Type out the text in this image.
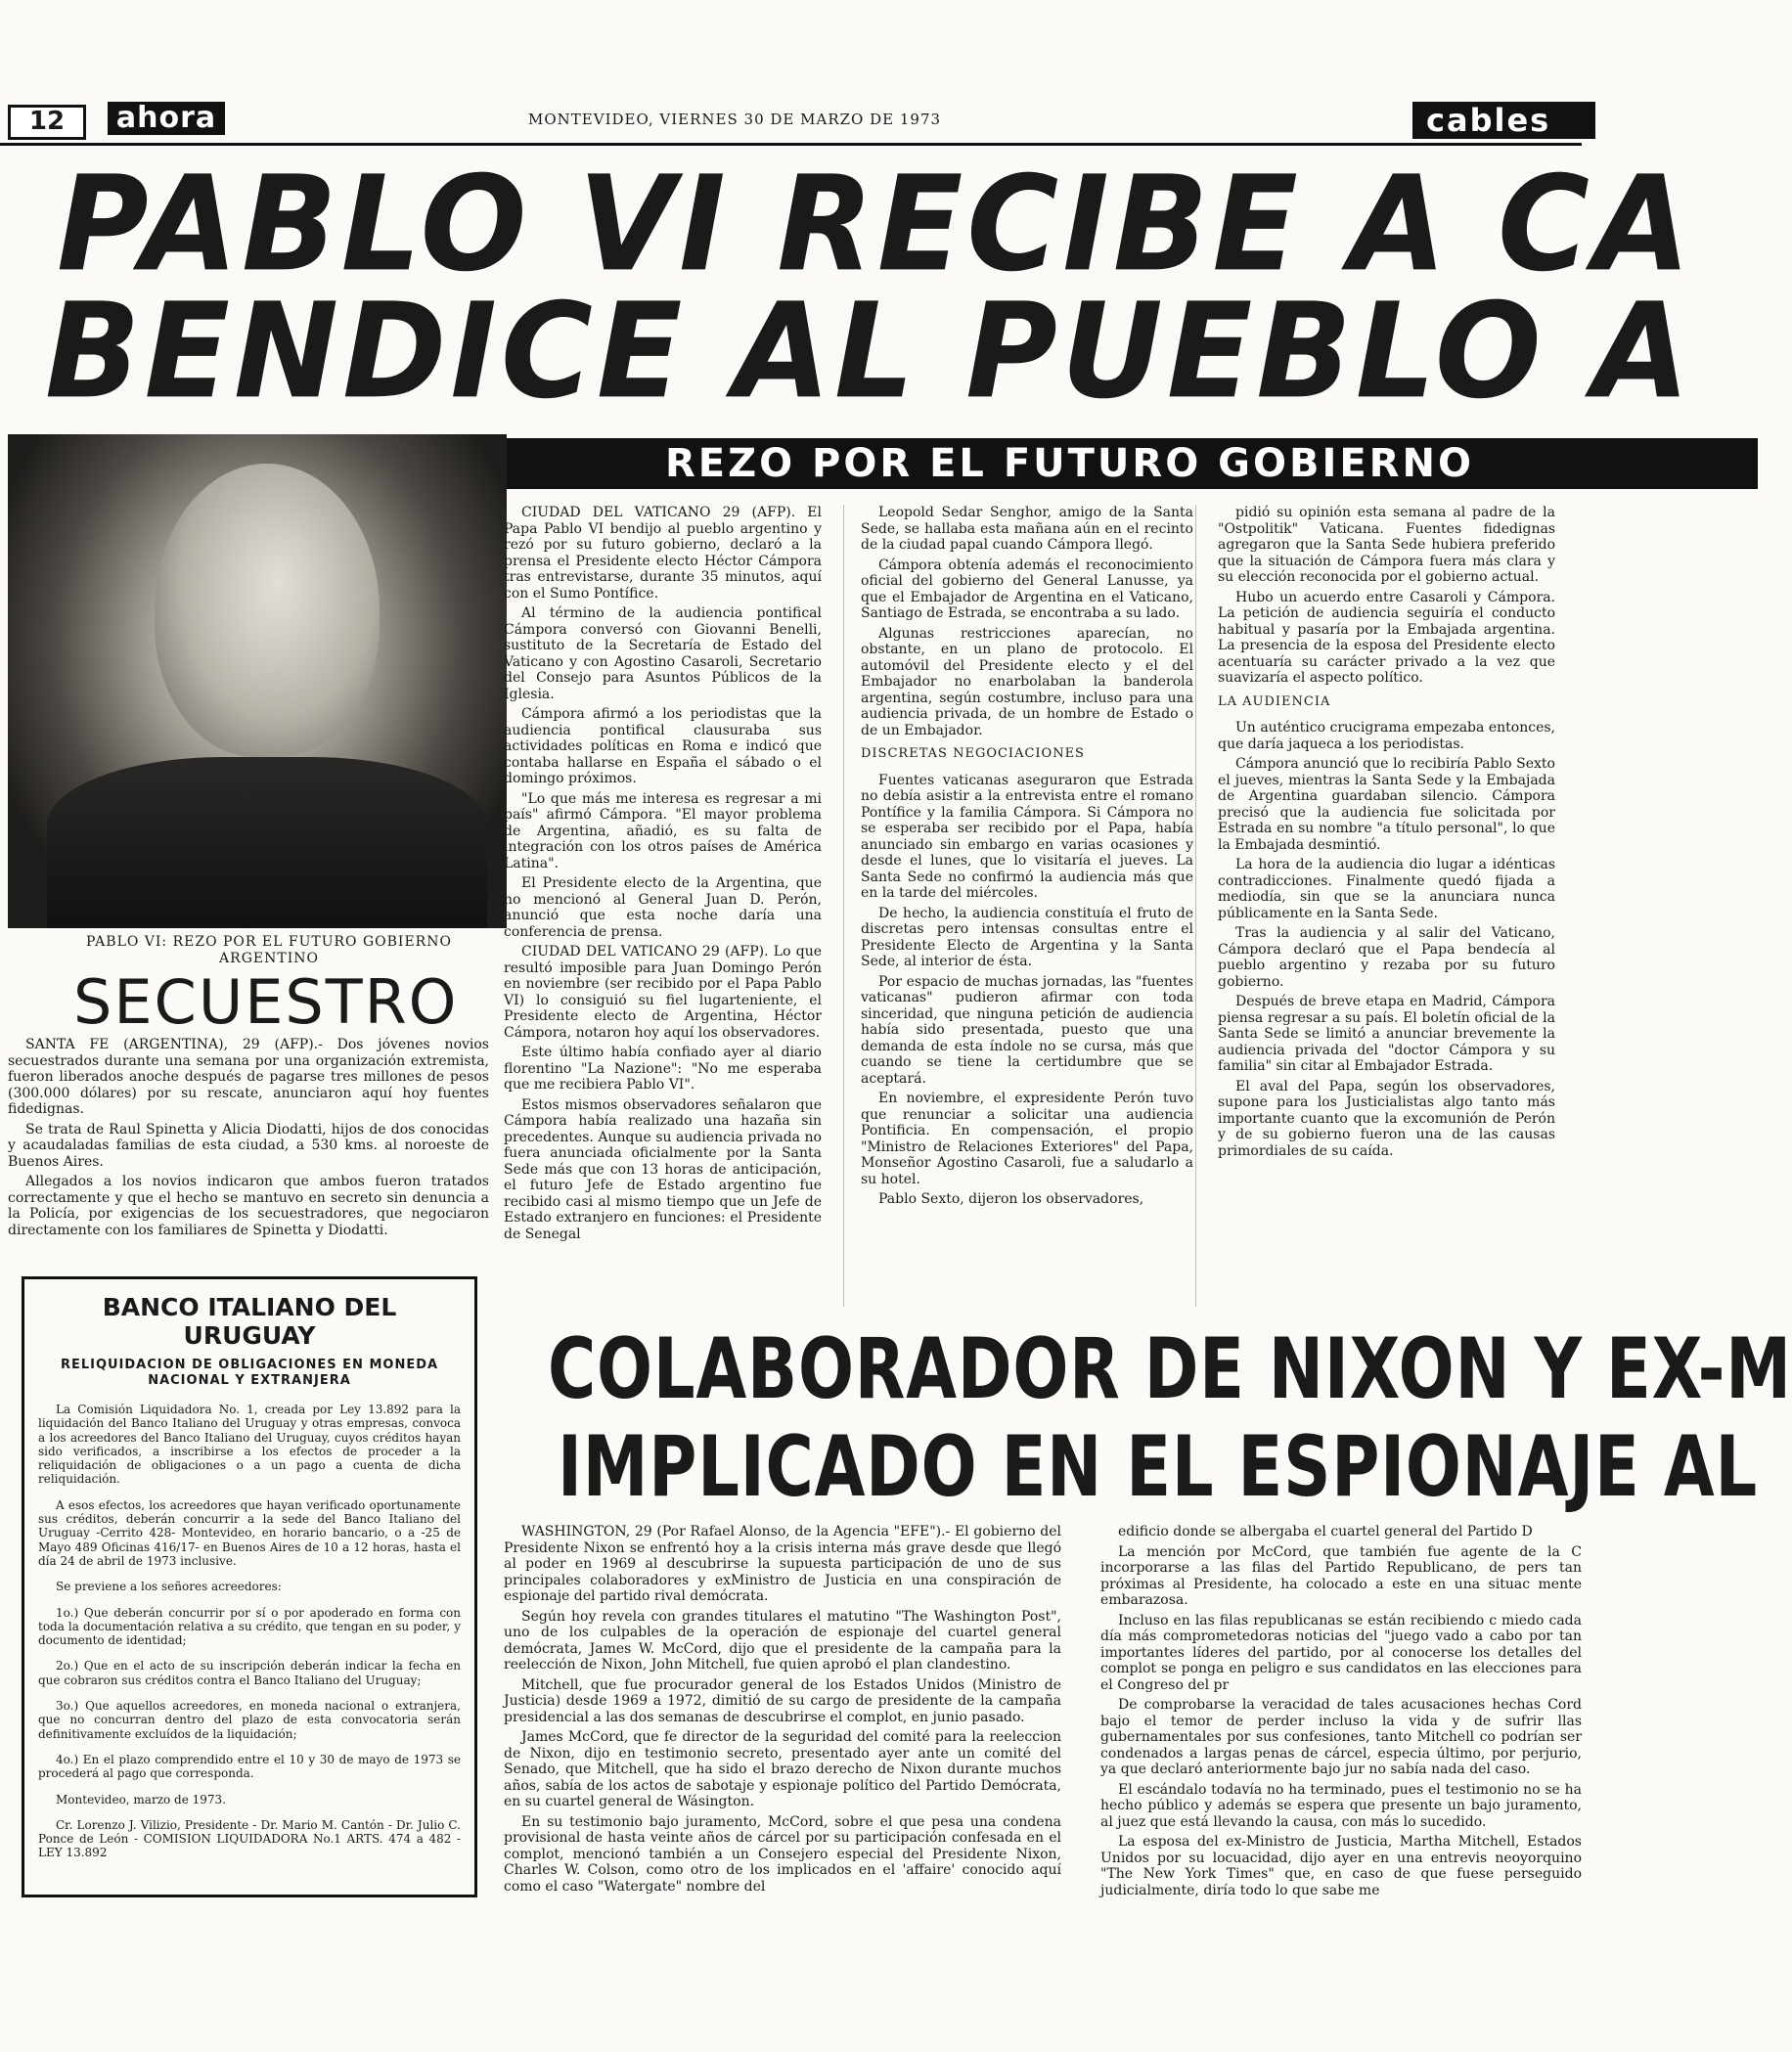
12	ahora	MONTEVIDEO, VIERNES 30 DE MARZO DE 1973	cables
PABLO VI RECIBE A CA
BENDICE AL PUEBLO A
REZO POR EL FUTURO GOBIERNO
PABLO VI: REZO POR EL FUTURO GOBIERNO ARGENTINO
SECUESTRO

SANTA FE (ARGENTINA), 29 (AFP).- Dos jóvenes novios secuestrados durante una semana por una organización extremista, fueron liberados anoche después de pagarse tres millones de pesos (300.000 dólares) por su rescate, anunciaron aquí hoy fuentes fidedignas.

Se trata de Raul Spinetta y Alicia Diodatti, hijos de dos conocidas y acaudaladas familias de esta ciudad, a 530 kms. al noroeste de Buenos Aires.

Allegados a los novios indicaron que ambos fueron tratados correctamente y que el hecho se mantuvo en secreto sin denuncia a la Policía, por exigencias de los secuestradores, que negociaron directamente con los familiares de Spinetta y Diodatti.

BANCO ITALIANO DEL URUGUAY
RELIQUIDACION DE OBLIGACIONES EN MONEDA NACIONAL Y EXTRANJERA

La Comisión Liquidadora No. 1, creada por Ley 13.892 para la liquidación del Banco Italiano del Uruguay y otras empresas, convoca a los acreedores del Banco Italiano del Uruguay, cuyos créditos hayan sido verificados, a inscribirse a los efectos de proceder a la reliquidación de obligaciones o a un pago a cuenta de dicha reliquidación.

A esos efectos, los acreedores que hayan verificado oportunamente sus créditos, deberán concurrir a la sede del Banco Italiano del Uruguay -Cerrito 428- Montevideo, en horario bancario, o a -25 de Mayo 489 Oficinas 416/17- en Buenos Aires de 10 a 12 horas, hasta el día 24 de abril de 1973 inclusive.

Se previene a los señores acreedores:

1o.) Que deberán concurrir por sí o por apoderado en forma con toda la documentación relativa a su crédito, que tengan en su poder, y documento de identidad;

2o.) Que en el acto de su inscripción deberán indicar la fecha en que cobraron sus créditos contra el Banco Italiano del Uruguay;

3o.) Que aquellos acreedores, en moneda nacional o extranjera, que no concurran dentro del plazo de esta convocatoria serán definitivamente excluídos de la liquidación;

4o.) En el plazo comprendido entre el 10 y 30 de mayo de 1973 se procederá al pago que corresponda.

Montevideo, marzo de 1973.

Cr. Lorenzo J. Vilizio, Presidente - Dr. Mario M. Cantón - Dr. Julio C. Ponce de León - COMISION LIQUIDADORA No.1 ARTS. 474 a 482 - LEY 13.892

CIUDAD DEL VATICANO 29 (AFP). El Papa Pablo VI bendijo al pueblo argentino y rezó por su futuro gobierno, declaró a la prensa el Presidente electo Héctor Cámpora tras entrevistarse, durante 35 minutos, aquí con el Sumo Pontífice.

Al término de la audiencia pontifical Cámpora conversó con Giovanni Benelli, sustituto de la Secretaría de Estado del Vaticano y con Agostino Casaroli, Secretario del Consejo para Asuntos Públicos de la Iglesia.

Cámpora afirmó a los periodistas que la audiencia pontifical clausuraba sus actividades políticas en Roma e indicó que contaba hallarse en España el sábado o el domingo próximos.

"Lo que más me interesa es regresar a mi país" afirmó Cámpora. "El mayor problema de Argentina, añadió, es su falta de integración con los otros países de América Latina".

El Presidente electo de la Argentina, que no mencionó al General Juan D. Perón, anunció que esta noche daría una conferencia de prensa.

CIUDAD DEL VATICANO 29 (AFP). Lo que resultó imposible para Juan Domingo Perón en noviembre (ser recibido por el Papa Pablo VI) lo consiguió su fiel lugarteniente, el Presidente electo de Argentina, Héctor Cámpora, notaron hoy aquí los observadores.

Este último había confiado ayer al diario florentino "La Nazione": "No me esperaba que me recibiera Pablo VI".

Estos mismos observadores señalaron que Cámpora había realizado una hazaña sin precedentes. Aunque su audiencia privada no fuera anunciada oficialmente por la Santa Sede más que con 13 horas de anticipación, el futuro Jefe de Estado argentino fue recibido casi al mismo tiempo que un Jefe de Estado extranjero en funciones: el Presidente de Senegal

Leopold Sedar Senghor, amigo de la Santa Sede, se hallaba esta mañana aún en el recinto de la ciudad papal cuando Cámpora llegó.

Cámpora obtenía además el reconocimiento oficial del gobierno del General Lanusse, ya que el Embajador de Argentina en el Vaticano, Santiago de Estrada, se encontraba a su lado.

Algunas restricciones aparecían, no obstante, en un plano de protocolo. El automóvil del Presidente electo y el del Embajador no enarbolaban la banderola argentina, según costumbre, incluso para una audiencia privada, de un hombre de Estado o de un Embajador.

DISCRETAS NEGOCIACIONES

Fuentes vaticanas aseguraron que Estrada no debía asistir a la entrevista entre el romano Pontífice y la familia Cámpora. Si Cámpora no se esperaba ser recibido por el Papa, había anunciado sin embargo en varias ocasiones y desde el lunes, que lo visitaría el jueves. La Santa Sede no confirmó la audiencia más que en la tarde del miércoles.

De hecho, la audiencia constituía el fruto de discretas pero intensas consultas entre el Presidente Electo de Argentina y la Santa Sede, al interior de ésta.

Por espacio de muchas jornadas, las "fuentes vaticanas" pudieron afirmar con toda sinceridad, que ninguna petición de audiencia había sido presentada, puesto que una demanda de esta índole no se cursa, más que cuando se tiene la certidumbre que se aceptará.

En noviembre, el expresidente Perón tuvo que renunciar a solicitar una audiencia Pontificia. En compensación, el propio "Ministro de Relaciones Exteriores" del Papa, Monseñor Agostino Casaroli, fue a saludarlo a su hotel.

Pablo Sexto, dijeron los observadores,

pidió su opinión esta semana al padre de la "Ostpolitik" Vaticana. Fuentes fidedignas agregaron que la Santa Sede hubiera preferido que la situación de Cámpora fuera más clara y su elección reconocida por el gobierno actual.

Hubo un acuerdo entre Casaroli y Cámpora. La petición de audiencia seguiría el conducto habitual y pasaría por la Embajada argentina. La presencia de la esposa del Presidente electo acentuaría su carácter privado a la vez que suavizaría el aspecto político.

LA AUDIENCIA

Un auténtico crucigrama empezaba entonces, que daría jaqueca a los periodistas.

Cámpora anunció que lo recibiría Pablo Sexto el jueves, mientras la Santa Sede y la Embajada de Argentina guardaban silencio. Cámpora precisó que la audiencia fue solicitada por Estrada en su nombre "a título personal", lo que la Embajada desmintió.

La hora de la audiencia dio lugar a idénticas contradicciones. Finalmente quedó fijada a mediodía, sin que se la anunciara nunca públicamente en la Santa Sede.

Tras la audiencia y al salir del Vaticano, Cámpora declaró que el Papa bendecía al pueblo argentino y rezaba por su futuro gobierno.

Después de breve etapa en Madrid, Cámpora piensa regresar a su país. El boletín oficial de la Santa Sede se limitó a anunciar brevemente la audiencia privada del "doctor Cámpora y su familia" sin citar al Embajador Estrada.

El aval del Papa, según los observadores, supone para los Justicialistas algo tanto más importante cuanto que la excomunión de Perón y de su gobierno fueron una de las causas primordiales de su caída.

COLABORADOR DE NIXON Y EX-M
IMPLICADO EN EL ESPIONAJE AL

WASHINGTON, 29 (Por Rafael Alonso, de la Agencia "EFE").- El gobierno del Presidente Nixon se enfrentó hoy a la crisis interna más grave desde que llegó al poder en 1969 al descubrirse la supuesta participación de uno de sus principales colaboradores y exMinistro de Justicia en una conspiración de espionaje del partido rival demócrata.

Según hoy revela con grandes titulares el matutino "The Washington Post", uno de los culpables de la operación de espionaje del cuartel general demócrata, James W. McCord, dijo que el presidente de la campaña para la reelección de Nixon, John Mitchell, fue quien aprobó el plan clandestino.

Mitchell, que fue procurador general de los Estados Unidos (Ministro de Justicia) desde 1969 a 1972, dimitió de su cargo de presidente de la campaña presidencial a las dos semanas de descubrirse el complot, en junio pasado.

James McCord, que fe director de la seguridad del comité para la reeleccion de Nixon, dijo en testimonio secreto, presentado ayer ante un comité del Senado, que Mitchell, que ha sido el brazo derecho de Nixon durante muchos años, sabía de los actos de sabotaje y espionaje político del Partido Demócrata, en su cuartel general de Wásington.

En su testimonio bajo juramento, McCord, sobre el que pesa una condena provisional de hasta veinte años de cárcel por su participación confesada en el complot, mencionó también a un Consejero especial del Presidente Nixon, Charles W. Colson, como otro de los implicados en el 'affaire' conocido aquí como el caso "Watergate" nombre del

edificio donde se albergaba el cuartel general del Partido D

La mención por McCord, que también fue agente de la C incorporarse a las filas del Partido Republicano, de pers tan próximas al Presidente, ha colocado a este en una situac mente embarazosa.

Incluso en las filas republicanas se están recibiendo c miedo cada día más comprometedoras noticias del "juego vado a cabo por tan importantes líderes del partido, por al conocerse los detalles del complot se ponga en peligro e sus candidatos en las elecciones para el Congreso del pr

De comprobarse la veracidad de tales acusaciones hechas Cord bajo el temor de perder incluso la vida y de sufrir llas gubernamentales por sus confesiones, tanto Mitchell co podrían ser condenados a largas penas de cárcel, especia último, por perjurio, ya que declaró anteriormente bajo jur no sabía nada del caso.

El escándalo todavía no ha terminado, pues el testimonio no se ha hecho público y además se espera que presente un bajo juramento, al juez que está llevando la causa, con más lo sucedido.

La esposa del ex-Ministro de Justicia, Martha Mitchell, Estados Unidos por su locuacidad, dijo ayer en una entrevis neoyorquino "The New York Times" que, en caso de que fuese perseguido judicialmente, diría todo lo que sabe me
